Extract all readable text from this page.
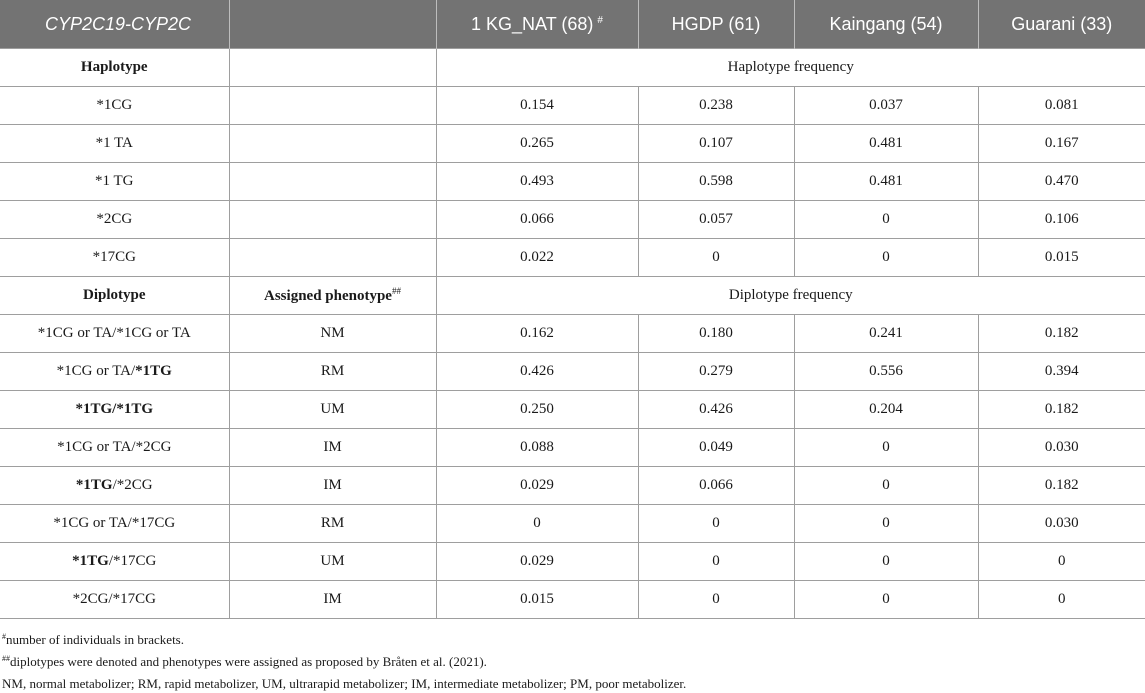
CYP2C19-CYP2C		1 KG_NAT (68) #	HGDP (61)	Kaingang (54)	Guarani (33)
Haplotype		Haplotype frequency			
*1CG		0.154	0.238	0.037	0.081
*1 TA		0.265	0.107	0.481	0.167
*1 TG		0.493	0.598	0.481	0.470
*2CG		0.066	0.057	0	0.106
*17CG		0.022	0	0	0.015
Diplotype	Assigned phenotype##	Diplotype frequency			
*1CG or TA/*1CG or TA	NM	0.162	0.180	0.241	0.182
*1CG or TA/*1TG	RM	0.426	0.279	0.556	0.394
*1TG/*1TG	UM	0.250	0.426	0.204	0.182
*1CG or TA/*2CG	IM	0.088	0.049	0	0.030
*1TG/*2CG	IM	0.029	0.066	0	0.182
*1CG or TA/*17CG	RM	0	0	0	0.030
*1TG/*17CG	UM	0.029	0	0	0
*2CG/*17CG	IM	0.015	0	0	0
#number of individuals in brackets.
##diplotypes were denoted and phenotypes were assigned as proposed by Bråten et al. (2021).
NM, normal metabolizer; RM, rapid metabolizer, UM, ultrarapid metabolizer; IM, intermediate metabolizer; PM, poor metabolizer.
